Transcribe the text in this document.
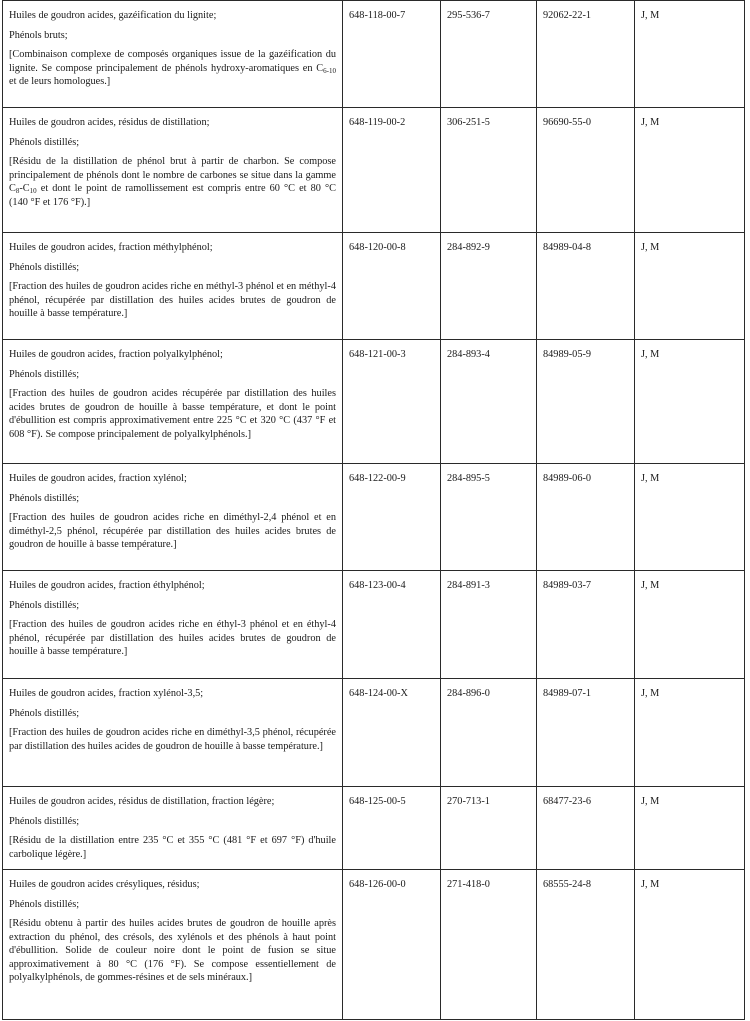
Huiles de goudron acides, gazéification du lignite;

Phénols bruts;

[Combinaison complexe de composés organiques issue de la gazéification du lignite. Se compose principalement de phénols hydroxy-aromatiques en $C_{6-10}$ et de leurs homologues.]	648-118-00-7	295-536-7	92062-22-1	J, M

Huiles de goudron acides, résidus de distillation;

Phénols distillés;

[Résidu de la distillation de phénol brut à partir de charbon. Se compose principalement de phénols dont le nombre de carbones se situe dans la gamme $C_8-C_{10}$ et dont le point de ramollissement est compris entre 60 °C et 80 °C (140 °F et 176 °F).]	648-119-00-2	306-251-5	96690-55-0	J, M

Huiles de goudron acides, fraction méthylphénol;

Phénols distillés;

[Fraction des huiles de goudron acides riche en méthyl-3 phénol et en méthyl-4 phénol, récupérée par distillation des huiles acides brutes de goudron de houille à basse température.]	648-120-00-8	284-892-9	84989-04-8	J, M

Huiles de goudron acides, fraction polyalkylphénol;

Phénols distillés;

[Fraction des huiles de goudron acides récupérée par distillation des huiles acides brutes de goudron de houille à basse température, et dont le point d'ébullition est compris approximativement entre 225 °C et 320 °C (437 °F et 608 °F). Se compose principalement de polyalkylphénols.]	648-121-00-3	284-893-4	84989-05-9	J, M

Huiles de goudron acides, fraction xylénol;

Phénols distillés;

[Fraction des huiles de goudron acides riche en diméthyl-2,4 phénol et en diméthyl-2,5 phénol, récupérée par distillation des huiles acides brutes de goudron de houille à basse température.]	648-122-00-9	284-895-5	84989-06-0	J, M

Huiles de goudron acides, fraction éthylphénol;

Phénols distillés;

[Fraction des huiles de goudron acides riche en éthyl-3 phénol et en éthyl-4 phénol, récupérée par distillation des huiles acides brutes de goudron de houille à basse température.]	648-123-00-4	284-891-3	84989-03-7	J, M

Huiles de goudron acides, fraction xylénol-3,5;

Phénols distillés;

[Fraction des huiles de goudron acides riche en diméthyl-3,5 phénol, récupérée par distillation des huiles acides de goudron de houille à basse température.]	648-124-00-X	284-896-0	84989-07-1	J, M

Huiles de goudron acides, résidus de distillation, fraction légère;

Phénols distillés;

[Résidu de la distillation entre 235 °C et 355 °C (481 °F et 697 °F) d'huile carbolique légère.]	648-125-00-5	270-713-1	68477-23-6	J, M

Huiles de goudron acides crésyliques, résidus;

Phénols distillés;

[Résidu obtenu à partir des huiles acides brutes de goudron de houille après extraction du phénol, des crésols, des xylénols et des phénols à haut point d'ébullition. Solide de couleur noire dont le point de fusion se situe approximativement à 80 °C (176 °F). Se compose essentiellement de polyalkylphénols, de gommes-résines et de sels minéraux.]	648-126-00-0	271-418-0	68555-24-8	J, M
